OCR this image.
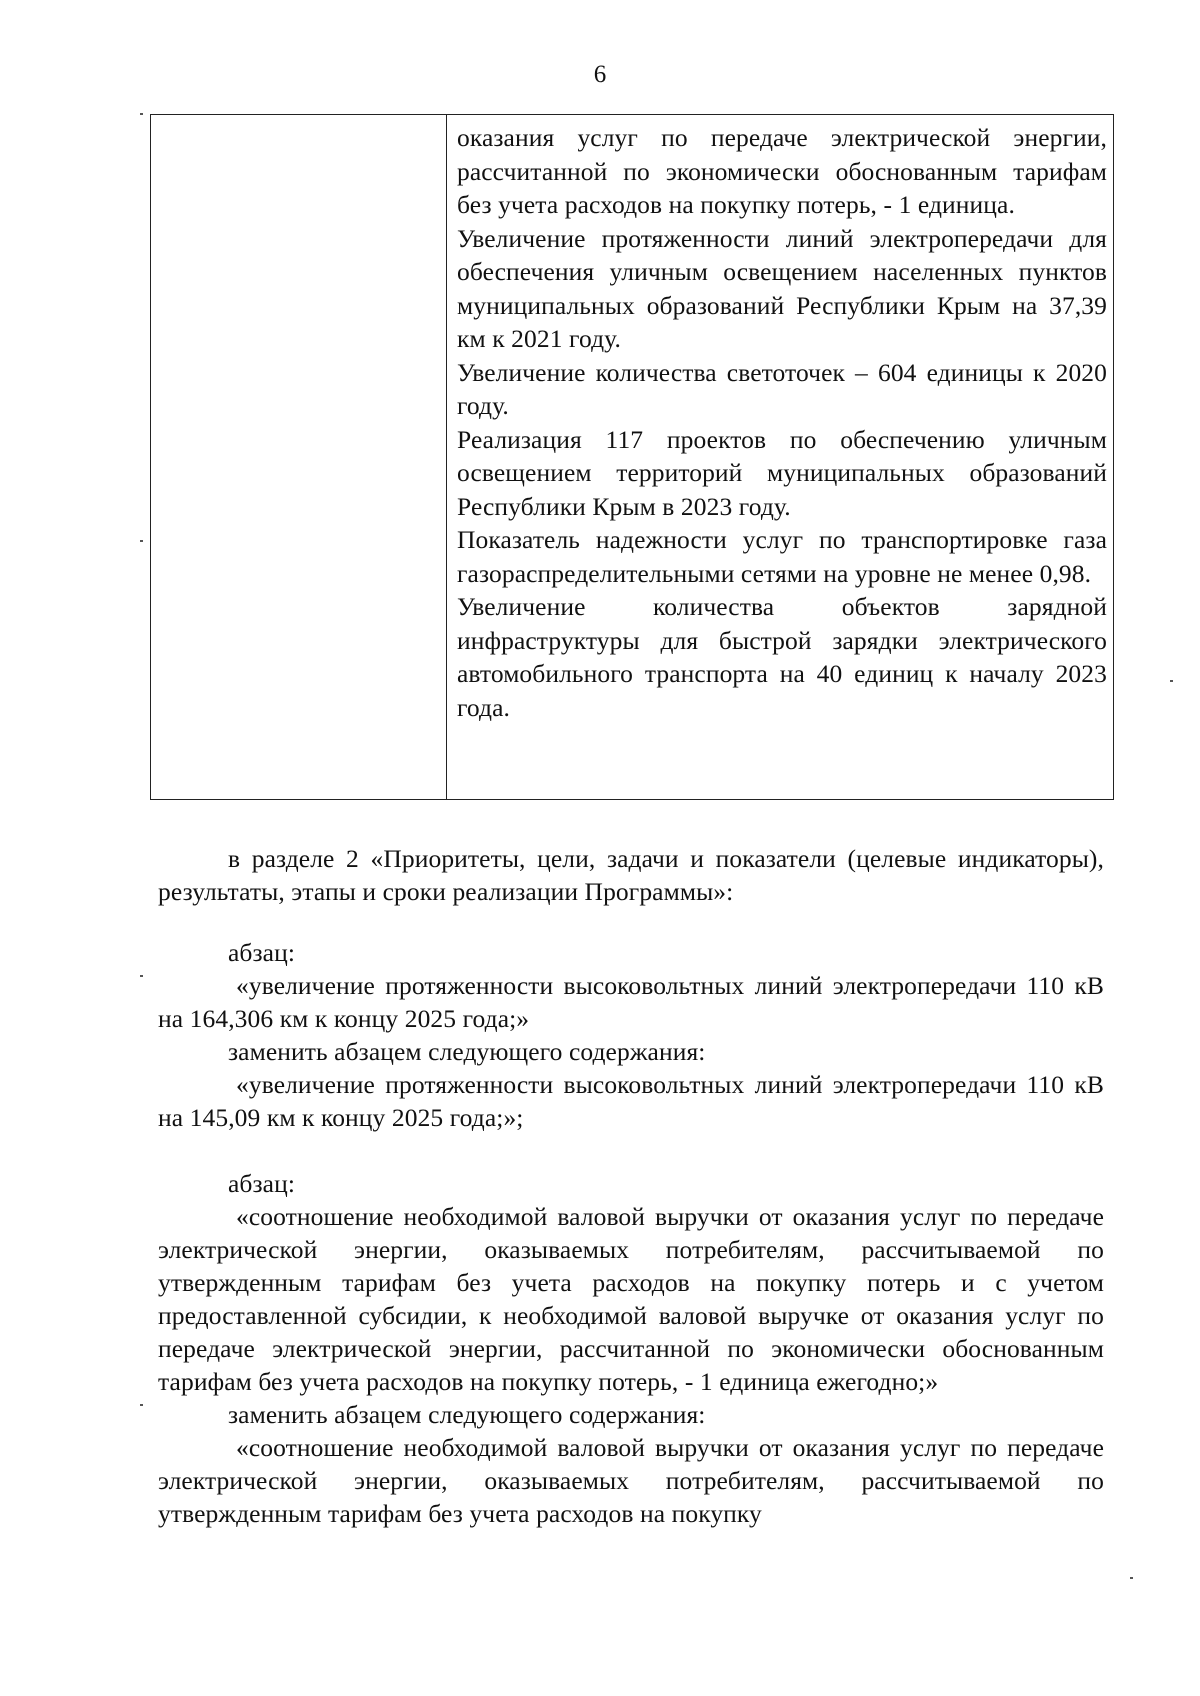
6

оказания услуг по передаче электрической энергии, рассчитанной по экономически обоснованным тарифам без учета расходов на покупку потерь, - 1 единица.

Увеличение протяженности линий электропередачи для обеспечения уличным освещением населенных пунктов муниципальных образований Республики Крым на 37,39 км к 2021 году.

Увеличение количества светоточек – 604 единицы к 2020 году.

Реализация 117 проектов по обеспечению уличным освещением территорий муниципальных образований Республики Крым в 2023 году.

Показатель надежности услуг по транспортировке газа газораспределительными сетями на уровне не менее 0,98.

Увеличение количества объектов зарядной инфраструктуры для быстрой зарядки электрического автомобильного транспорта на 40 единиц к началу 2023 года.

в разделе 2 «Приоритеты, цели, задачи и показатели (целевые индикаторы), результаты, этапы и сроки реализации Программы»:

абзац:

«увеличение протяженности высоковольтных линий электропередачи 110 кВ на 164,306 км к концу 2025 года;»

заменить абзацем следующего содержания:

«увеличение протяженности высоковольтных линий электропередачи 110 кВ на 145,09 км к концу 2025 года;»;

абзац:

«соотношение необходимой валовой выручки от оказания услуг по передаче электрической энергии, оказываемых потребителям, рассчитываемой по утвержденным тарифам без учета расходов на покупку потерь и с учетом предоставленной субсидии, к необходимой валовой выручке от оказания услуг по передаче электрической энергии, рассчитанной по экономически обоснованным тарифам без учета расходов на покупку потерь, - 1 единица ежегодно;»

заменить абзацем следующего содержания:

«соотношение необходимой валовой выручки от оказания услуг по передаче электрической энергии, оказываемых потребителям, рассчитываемой по утвержденным тарифам без учета расходов на покупку
